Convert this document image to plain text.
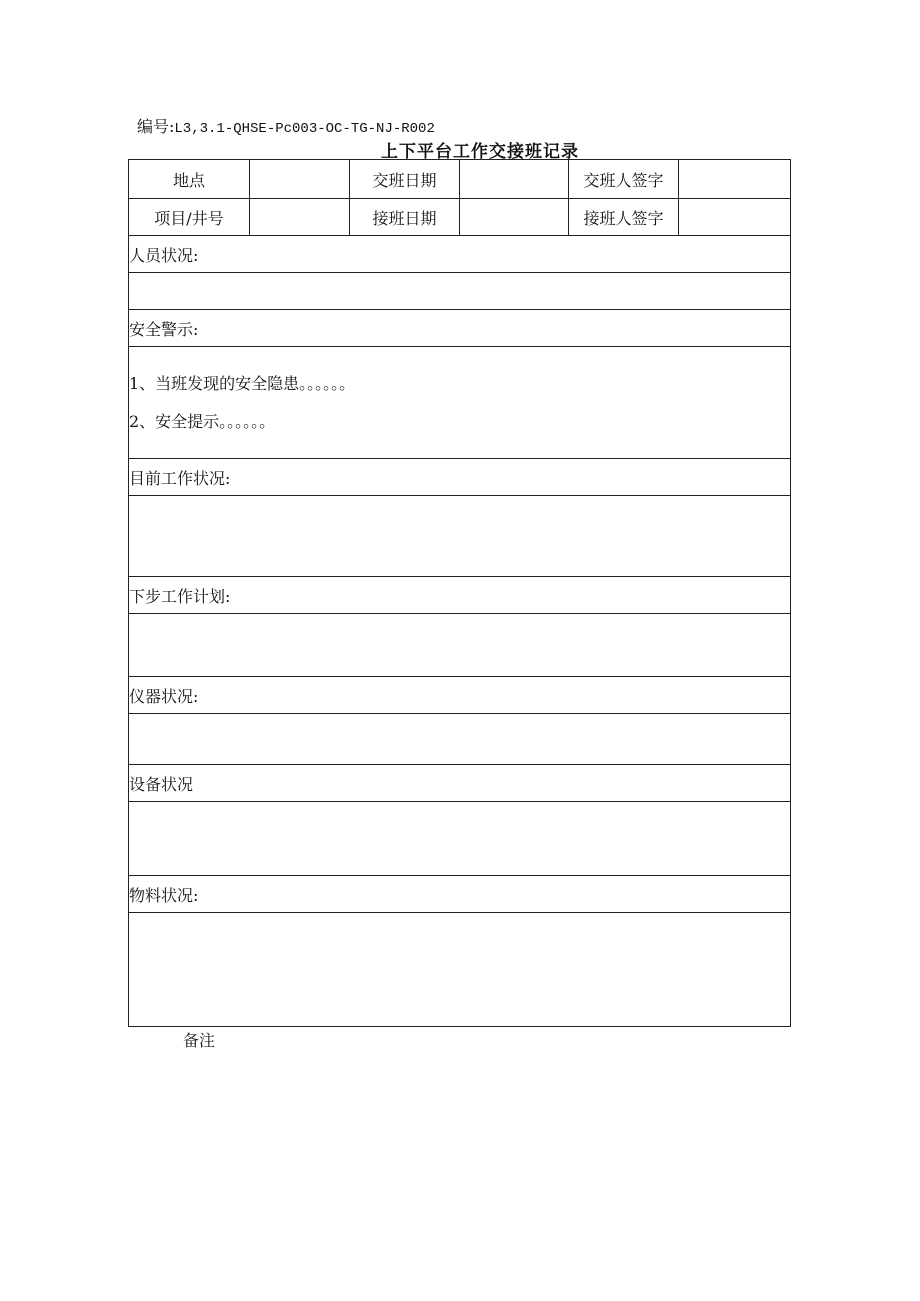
编号:L3,3.1-QHSE-Pc003-OC-TG-NJ-R002
上下平台工作交接班记录
地点		交班日期		交班人签字	
项目/井号		接班日期		接班人签字	
人员状况:					

安全警示:					

1、当班发现的安全隐患。。。。。。
2、安全提示。。。。。。					

目前工作状况:					

下步工作计划:					

仪器状况:					

设备状况					

物料状况:					

备注
